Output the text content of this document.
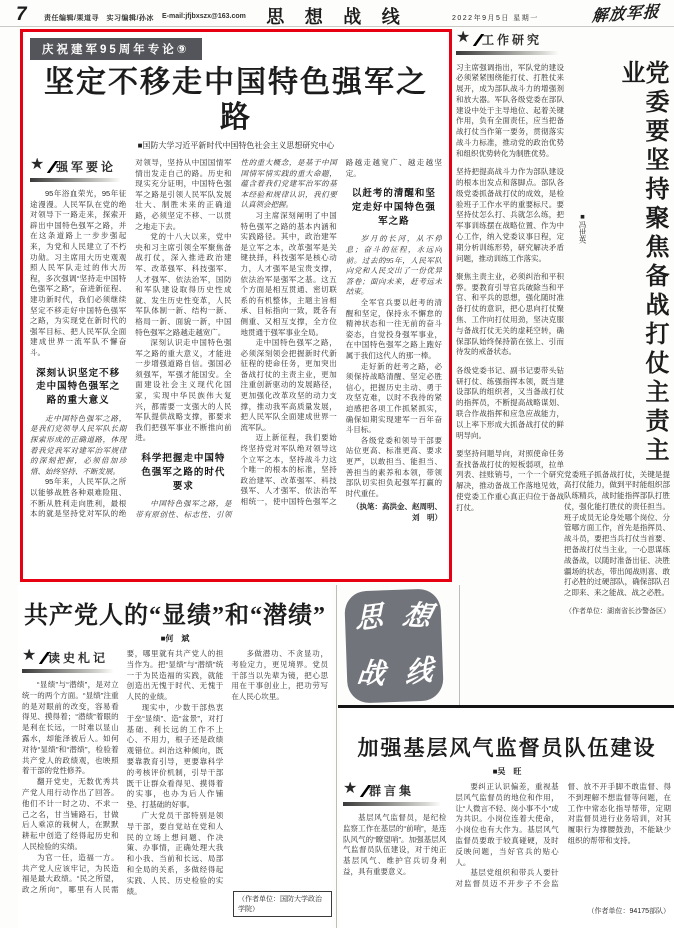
7 责任编辑/栗道寻　实习编辑/孙冰 E-mail:jfjbxszx@163.com 思 想 战 线	2022年9月5日 星期一	解放军报
庆祝建军95周年专论⑨
坚定不移走中国特色强军之路
■国防大学习近平新时代中国特色社会主义思想研究中心
★ 强军要论

95年浴血荣光，95年征途漫漫。人民军队在党的绝对领导下一路走来，探索开辟出中国特色强军之路，并在这条道路上一步步强起来，为党和人民建立了不朽功勋。习主席用大历史观观照人民军队走过的伟大历程，多次强调“坚持走中国特色强军之路”，奋进新征程、建功新时代，我们必须继续坚定不移走好中国特色强军之路，为实现党在新时代的强军目标、把人民军队全面建成世界一流军队不懈奋斗。

深刻认识坚定不移走中国特色强军之路的重大意义

走中国特色强军之路，是我们党领导人民军队长期探索形成的正确道路，体现着我党我军对建军治军规律的深刻把握，必须倍加珍惜、始终坚持、不断发展。

95年来，人民军队之所以能够战胜各种艰难险阻、不断从胜利走向胜利，最根本的就是坚持党对军队的绝对领导，坚持从中国国情军情出发走自己的路。历史和现实充分证明，中国特色强军之路是引领人民军队发展壮大、制胜未来的正确道路，必须坚定不移、一以贯之地走下去。

党的十八大以来，党中央和习主席引领全军聚焦备战打仗，深入推进政治建军、改革强军、科技强军、人才强军、依法治军，国防和军队建设取得历史性成就、发生历史性变革，人民军队体制一新、结构一新、格局一新、面貌一新，中国特色强军之路越走越宽广。

深刻认识走中国特色强军之路的重大意义，才能进一步增强道路自信。强国必须强军，军强才能国安。全面建设社会主义现代化国家，实现中华民族伟大复兴，都需要一支强大的人民军队提供战略支撑，都要求我们把强军事业不断推向前进。

科学把握走中国特色强军之路的时代要求

中国特色强军之路，是带有原创性、标志性、引领性的重大概念，是基于中国国情军情实践的重大命题，蕴含着我们党建军治军的基本经验和规律认识，我们要认真领会把握。

习主席深刻阐明了中国特色强军之路的基本内涵和实践路径。其中，政治建军是立军之本，改革强军是关键抉择，科技强军是核心动力，人才强军是宝贵支撑，依法治军是强军之基。这五个方面是相互贯通、密切联系的有机整体，主题主旨相承、目标指向一致，既各有侧重、又相互支撑，全方位地贯通于强军事业全局。

走中国特色强军之路，必须深刻领会把握新时代新征程的使命任务，更加突出备战打仗的主责主业，更加注重创新驱动的发展路径，更加强化改革攻坚的动力支撑，推动我军高质量发展，把人民军队全面建成世界一流军队。

迈上新征程，我们要始终坚持党对军队绝对领导这个立军之本，坚持战斗力这个唯一的根本的标准，坚持政治建军、改革强军、科技强军、人才强军、依法治军相统一，使中国特色强军之路越走越宽广、越走越坚定。

以赶考的清醒和坚定走好中国特色强军之路

岁月的长河，从不停息；奋斗的征程，永远向前。过去的95年，人民军队向党和人民交出了一份优异答卷；面向未来，赶考远未结束。

全军官兵要以赶考的清醒和坚定，保持永不懈怠的精神状态和一往无前的奋斗姿态，自觉投身强军事业，在中国特色强军之路上跑好属于我们这代人的那一棒。

走好新的赶考之路，必须保持战略清醒、坚定必胜信心，把握历史主动、勇于攻坚克难，以时不我待的紧迫感把各项工作抓紧抓实，确保如期实现建军一百年奋斗目标。

各级党委和领导干部要站位更高、标准更高、要求更严，以敢担当、能担当、善担当的素养和本领，带领部队切实担负起强军打赢的时代重任。

（执笔：高洪金、赵周明、刘　明）

★ 工作研究

习主席强调指出，军队党的建设必须紧紧围绕能打仗、打胜仗来展开，成为部队战斗力的增强剂和放大器。军队各级党委在部队建设中处于主导地位、起着关键作用，负有全面责任，应当把备战打仗当作第一要务，贯彻落实战斗力标准，推动党的政治优势和组织优势转化为制胜优势。

坚持把提高战斗力作为部队建设的根本出发点和落脚点。部队各级党委抓备战打仗的成效，是检验班子工作水平的重要标尺。要坚持仗怎么打、兵就怎么练，把军事训练摆在战略位置、作为中心工作，纳入党委议事日程，定期分析训练形势，研究解决矛盾问题，推动训练工作落实。

聚焦主责主业，必须纠治和平积弊。要教育引导官兵破除当和平官、和平兵的思想，强化随时准备打仗的意识，把心思向打仗聚焦、工作向打仗用劲，坚决克服与备战打仗无关的虚耗空转，确保部队始终保持箭在弦上、引而待发的戒备状态。

各级党委书记、副书记要带头钻研打仗、练强指挥本领，既当建设部队的组织者，又当备战打仗的指挥员，不断提高战略谋划、联合作战指挥和应急应战能力，以上率下形成大抓备战打仗的鲜明导向。

要坚持问题导向，对照使命任务查找备战打仗的短板弱项，拉单列表、挂账销号，一个一个研究解决，推动备战工作落地见效，使党委工作重心真正归位于备战打仗。

党委要坚持聚焦备战打仗主责主业
■冯世英

党委班子抓备战打仗，关键是提高打仗能力，做到平时能组织部队练精兵，战时能指挥部队打胜仗，强化能打胜仗的责任担当。班子成员无论身处哪个岗位、分管哪方面工作，首先是指挥员、战斗员，要把当兵打仗当首要、把备战打仗当主业，一心思谋练战备战，以随时准备出征、决胜疆场的状态，带出闻战则喜、敢打必胜的过硬部队，确保部队召之即来、来之能战、战之必胜。

（作者单位：湖南省长沙警备区）

共产党人的“显绩”和“潜绩”
■何　斌
★ 读史札记

“显绩”与“潜绩”，是对立统一的两个方面。“显绩”注重的是对眼前的改变，容易看得见、摸得着；“潜绩”着眼的是利在长远，一时难以显山露水，却能泽被后人。如何对待“显绩”和“潜绩”，检验着共产党人的政绩观，也映照着干部的党性修养。

翻开党史，无数优秀共产党人用行动作出了回答。他们不计一时之功、不求一己之名，甘当铺路石，甘做后人乘凉的栽树人，在默默耕耘中创造了经得起历史和人民检验的实绩。

为官一任，造福一方。共产党人应该牢记，为民造福是最大政绩。“民之所望，政之所向”，哪里有人民需要，哪里就有共产党人的担当作为。把“显绩”与“潜绩”统一于为民造福的实践，就能创造出无愧于时代、无愧于人民的业绩。

现实中，少数干部热衷于垒“显绩”、造“盆景”，对打基础、利长远的工作不上心、不用力，根子还是政绩观错位。纠治这种倾向，既要靠教育引导，更要靠科学的考核评价机制，引导干部既干让群众看得见、摸得着的实事，也办为后人作铺垫、打基础的好事。

广大党员干部特别是领导干部，要自觉站在党和人民的立场上想问题、作决策、办事情，正确处理大我和小我、当前和长远、局部和全局的关系，多做经得起实践、人民、历史检验的实绩。

多做潜功、不贪显功，考验定力，更见境界。党员干部当以先辈为镜，把心思用在干事创业上，把功劳写在人民心坎里。

（作者单位：国防大学政治学院）
思 想
战 线
加强基层风气监督员队伍建设
■吴　旺
★ 群言集

基层风气监督员，是纪检监察工作在基层的“前哨”，是连队风气的“瞭望哨”。加强基层风气监督员队伍建设，对于纯正基层风气、维护官兵切身利益，具有重要意义。

要纠正认识偏差，重视基层风气监督员的地位和作用，让“人微言不轻、岗小事不小”成为共识。小岗位连着大使命，小岗位也有大作为。基层风气监督员要敢于较真碰硬，及时反映问题，当好官兵的贴心人。

基层党组织和带兵人要针对监督员迈不开步子不会监督、放不开手脚不敢监督、得不到理解不想监督等问题，在工作中常态化指导帮带，定期对监督员进行业务培训，对其履职行为撑腰鼓劲，不能缺少组织的帮带和支持。

（作者单位：94175部队）
